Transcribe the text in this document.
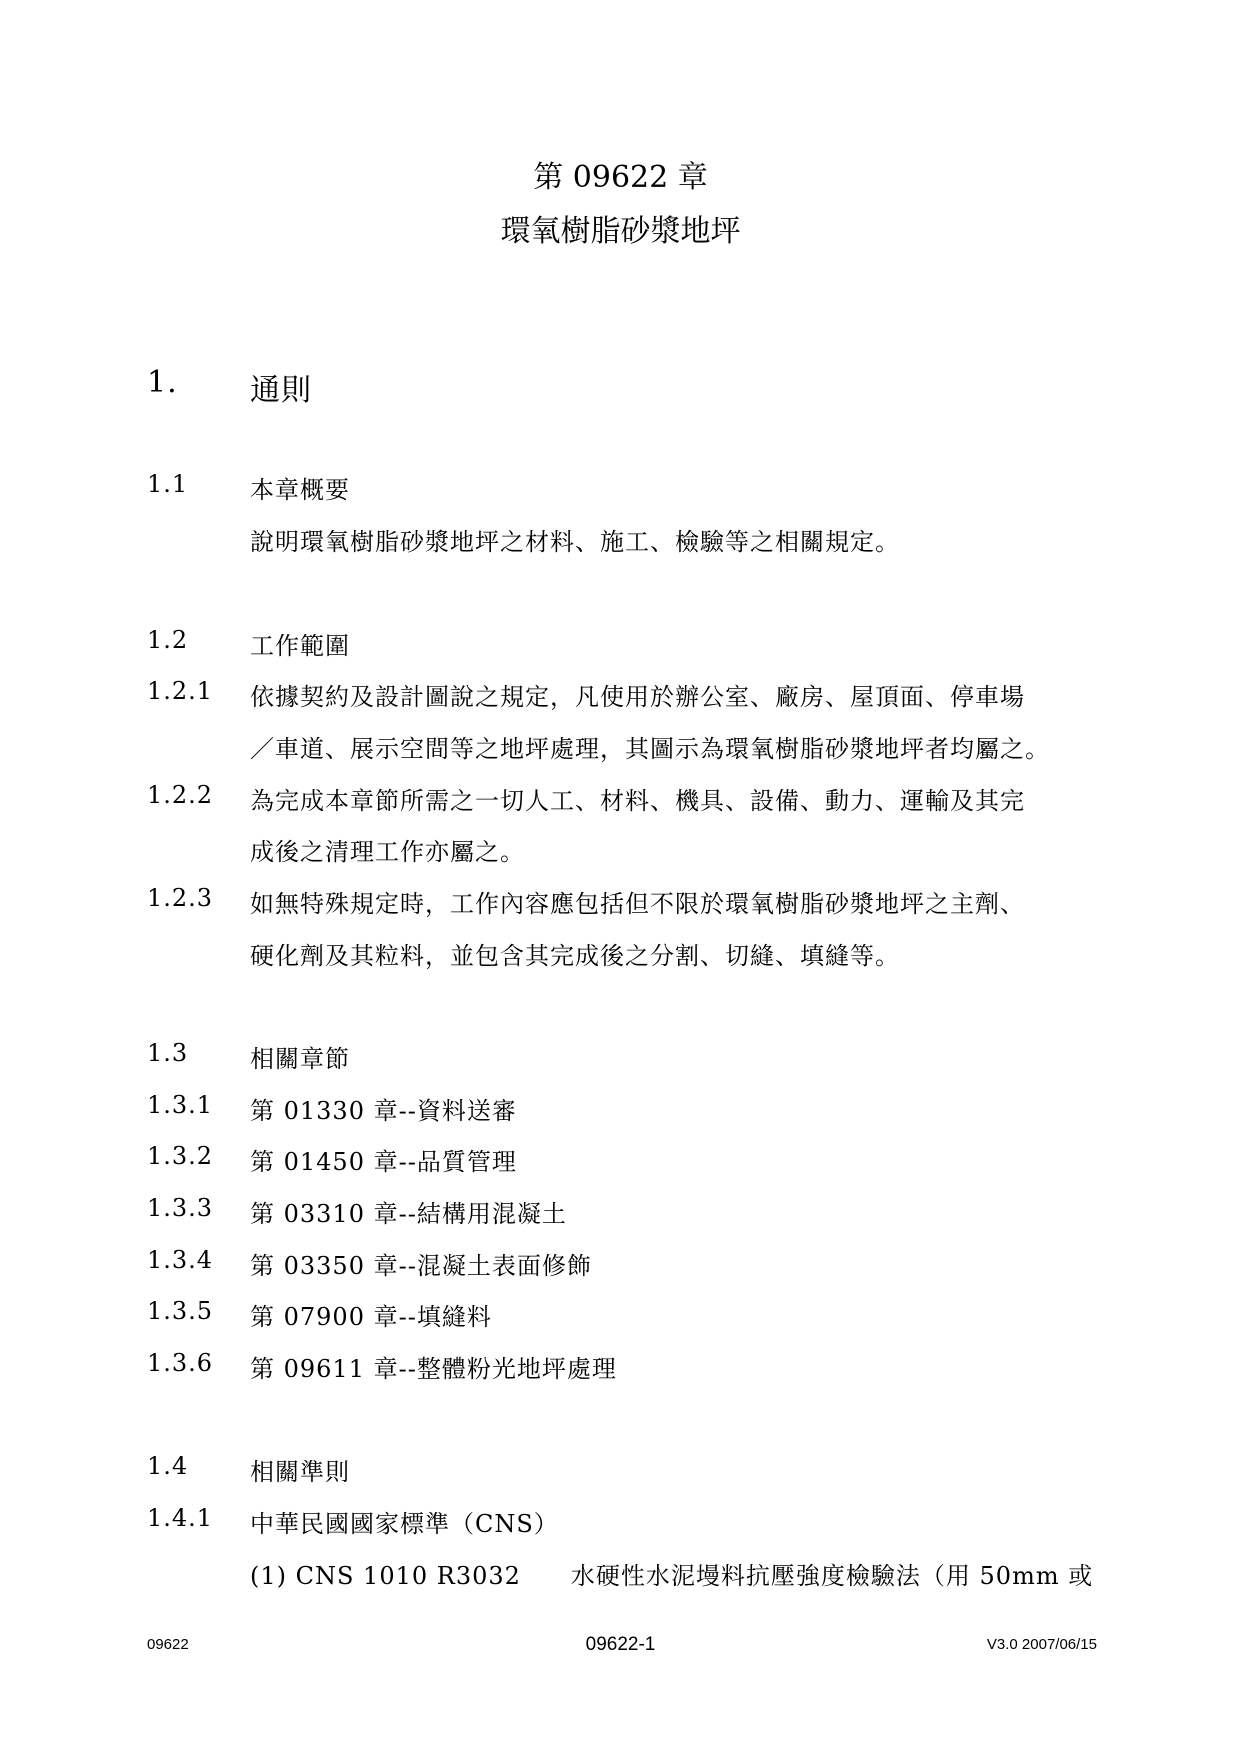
第 09622 章
環氧樹脂砂漿地坪
1. 通則
1.1	本章概要
說明環氧樹脂砂漿地坪之材料、施工、檢驗等之相關規定。
1.2	工作範圍
1.2.1 依據契約及設計圖說之規定，凡使用於辦公室、廠房、屋頂面、停車場
／車道、展示空間等之地坪處理，其圖示為環氧樹脂砂漿地坪者均屬之。
1.2.2 為完成本章節所需之一切人工、材料、機具、設備、動力、運輸及其完
成後之清理工作亦屬之。
1.2.3 如無特殊規定時，工作內容應包括但不限於環氧樹脂砂漿地坪之主劑、
硬化劑及其粒料，並包含其完成後之分割、切縫、填縫等。
1.3	相關章節
1.3.1 第 01330 章--資料送審
1.3.2 第 01450 章--品質管理
1.3.3 第 03310 章--結構用混凝土
1.3.4 第 03350 章--混凝土表面修飾
1.3.5 第 07900 章--填縫料
1.3.6 第 09611 章--整體粉光地坪處理
1.4	相關準則
1.4.1 中華民國國家標準（CNS）
(1) CNS 1010 R3032　　水硬性水泥墁料抗壓強度檢驗法（用 50mm 或
09622	09622-1	V3.0 2007/06/15
